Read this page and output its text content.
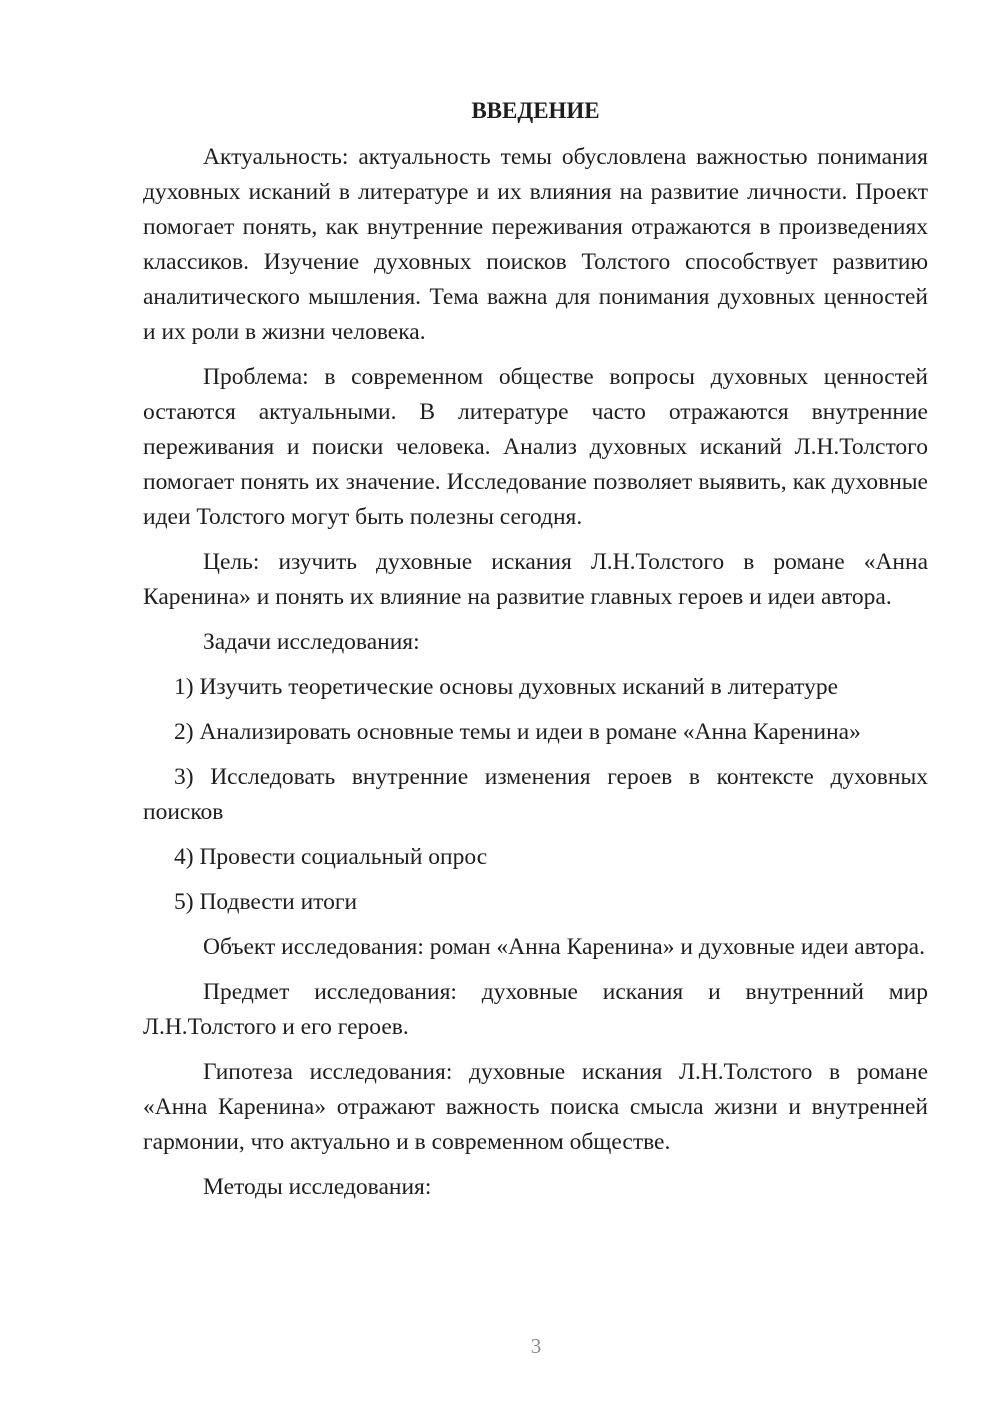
ВВЕДЕНИЕ

Актуальность: актуальность темы обусловлена важностью понимания духовных исканий в литературе и их влияния на развитие личности. Проект помогает понять, как внутренние переживания отражаются в произведениях классиков. Изучение духовных поисков Толстого способствует развитию аналитического мышления. Тема важна для понимания духовных ценностей и их роли в жизни человека.

Проблема: в современном обществе вопросы духовных ценностей остаются актуальными. В литературе часто отражаются внутренние переживания и поиски человека. Анализ духовных исканий Л.Н.Толстого помогает понять их значение. Исследование позволяет выявить, как духовные идеи Толстого могут быть полезны сегодня.

Цель: изучить духовные искания Л.Н.Толстого в романе «Анна Каренина» и понять их влияние на развитие главных героев и идеи автора.

Задачи исследования:

1) Изучить теоретические основы духовных исканий в литературе

2) Анализировать основные темы и идеи в романе «Анна Каренина»

3) Исследовать внутренние изменения героев в контексте духовных поисков

4) Провести социальный опрос

5) Подвести итоги

Объект исследования: роман «Анна Каренина» и духовные идеи автора.

Предмет исследования: духовные искания и внутренний мир Л.Н.Толстого и его героев.

Гипотеза исследования: духовные искания Л.Н.Толстого в романе «Анна Каренина» отражают важность поиска смысла жизни и внутренней гармонии, что актуально и в современном обществе.

Методы исследования:

3
